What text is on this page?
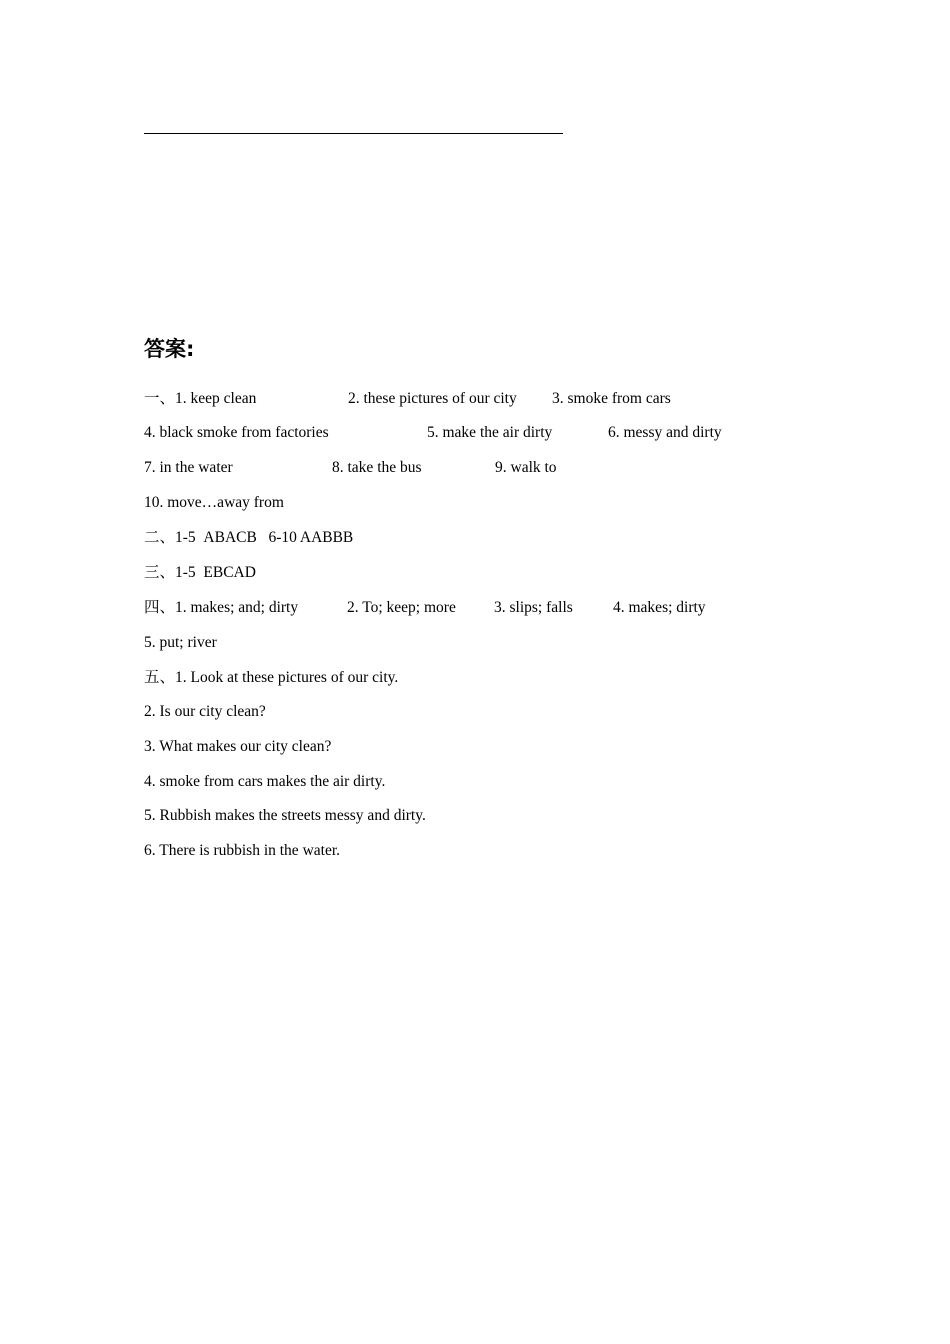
答案:
一、1. keep clean	2. these pictures of our city 3. smoke from cars
4. black smoke from factories	5. make the air dirty	6. messy and dirty
7. in the water	8. take the bus	9. walk to
10. move…away from
二、1-5  ABACB   6-10 AABBB
三、1-5  EBCAD
四、1. makes; and; dirty	2. To; keep; more 3. slips; falls	4. makes; dirty
5. put; river
五、1. Look at these pictures of our city.
2. Is our city clean?
3. What makes our city clean?
4. smoke from cars makes the air dirty.
5. Rubbish makes the streets messy and dirty.
6. There is rubbish in the water.
